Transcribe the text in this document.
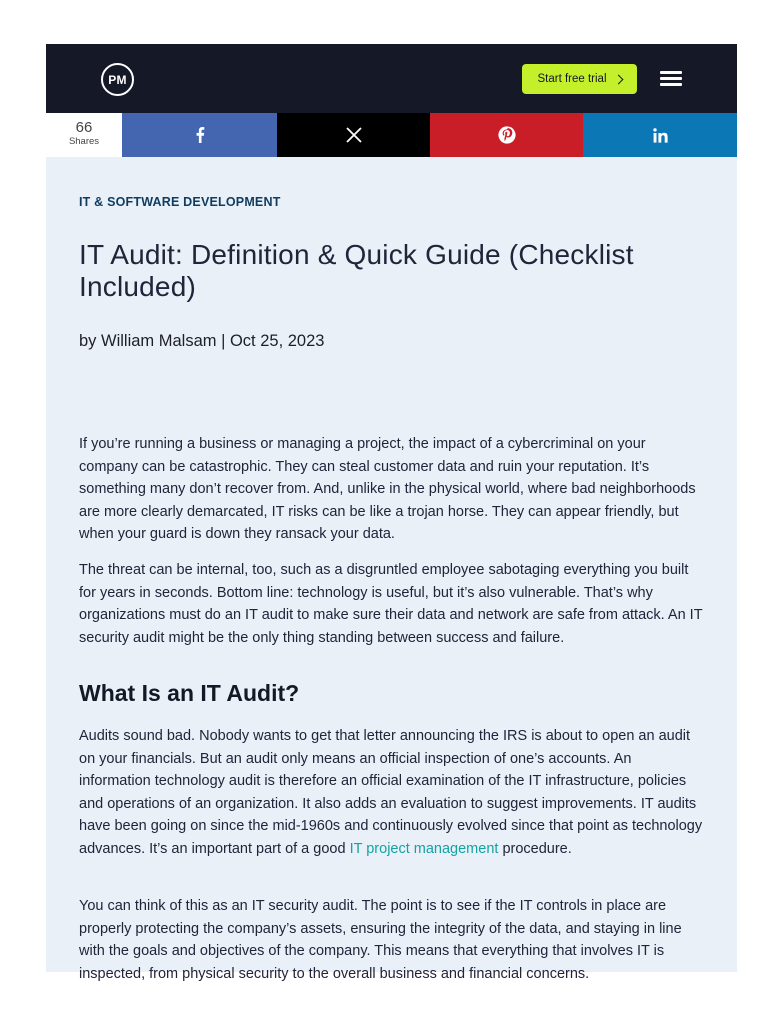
PM	Start free trial
66
Shares
IT & SOFTWARE DEVELOPMENT
IT Audit: Definition & Quick Guide (Checklist Included)
by William Malsam | Oct 25, 2023

If you’re running a business or managing a project, the impact of a cybercriminal on your company can be catastrophic. They can steal customer data and ruin your reputation. It’s something many don’t recover from. And, unlike in the physical world, where bad neighborhoods are more clearly demarcated, IT risks can be like a trojan horse. They can appear friendly, but when your guard is down they ransack your data.

The threat can be internal, too, such as a disgruntled employee sabotaging everything you built for years in seconds. Bottom line: technology is useful, but it’s also vulnerable. That’s why organizations must do an IT audit to make sure their data and network are safe from attack. An IT security audit might be the only thing standing between success and failure.

What Is an IT Audit?

Audits sound bad. Nobody wants to get that letter announcing the IRS is about to open an audit on your financials. But an audit only means an official inspection of one’s accounts. An information technology audit is therefore an official examination of the IT infrastructure, policies and operations of an organization. It also adds an evaluation to suggest improvements. IT audits have been going on since the mid-1960s and continuously evolved since that point as technology advances. It’s an important part of a good IT project management procedure.

You can think of this as an IT security audit. The point is to see if the IT controls in place are properly protecting the company’s assets, ensuring the integrity of the data, and staying in line with the goals and objectives of the company. This means that everything that involves IT is inspected, from physical security to the overall business and financial concerns.
